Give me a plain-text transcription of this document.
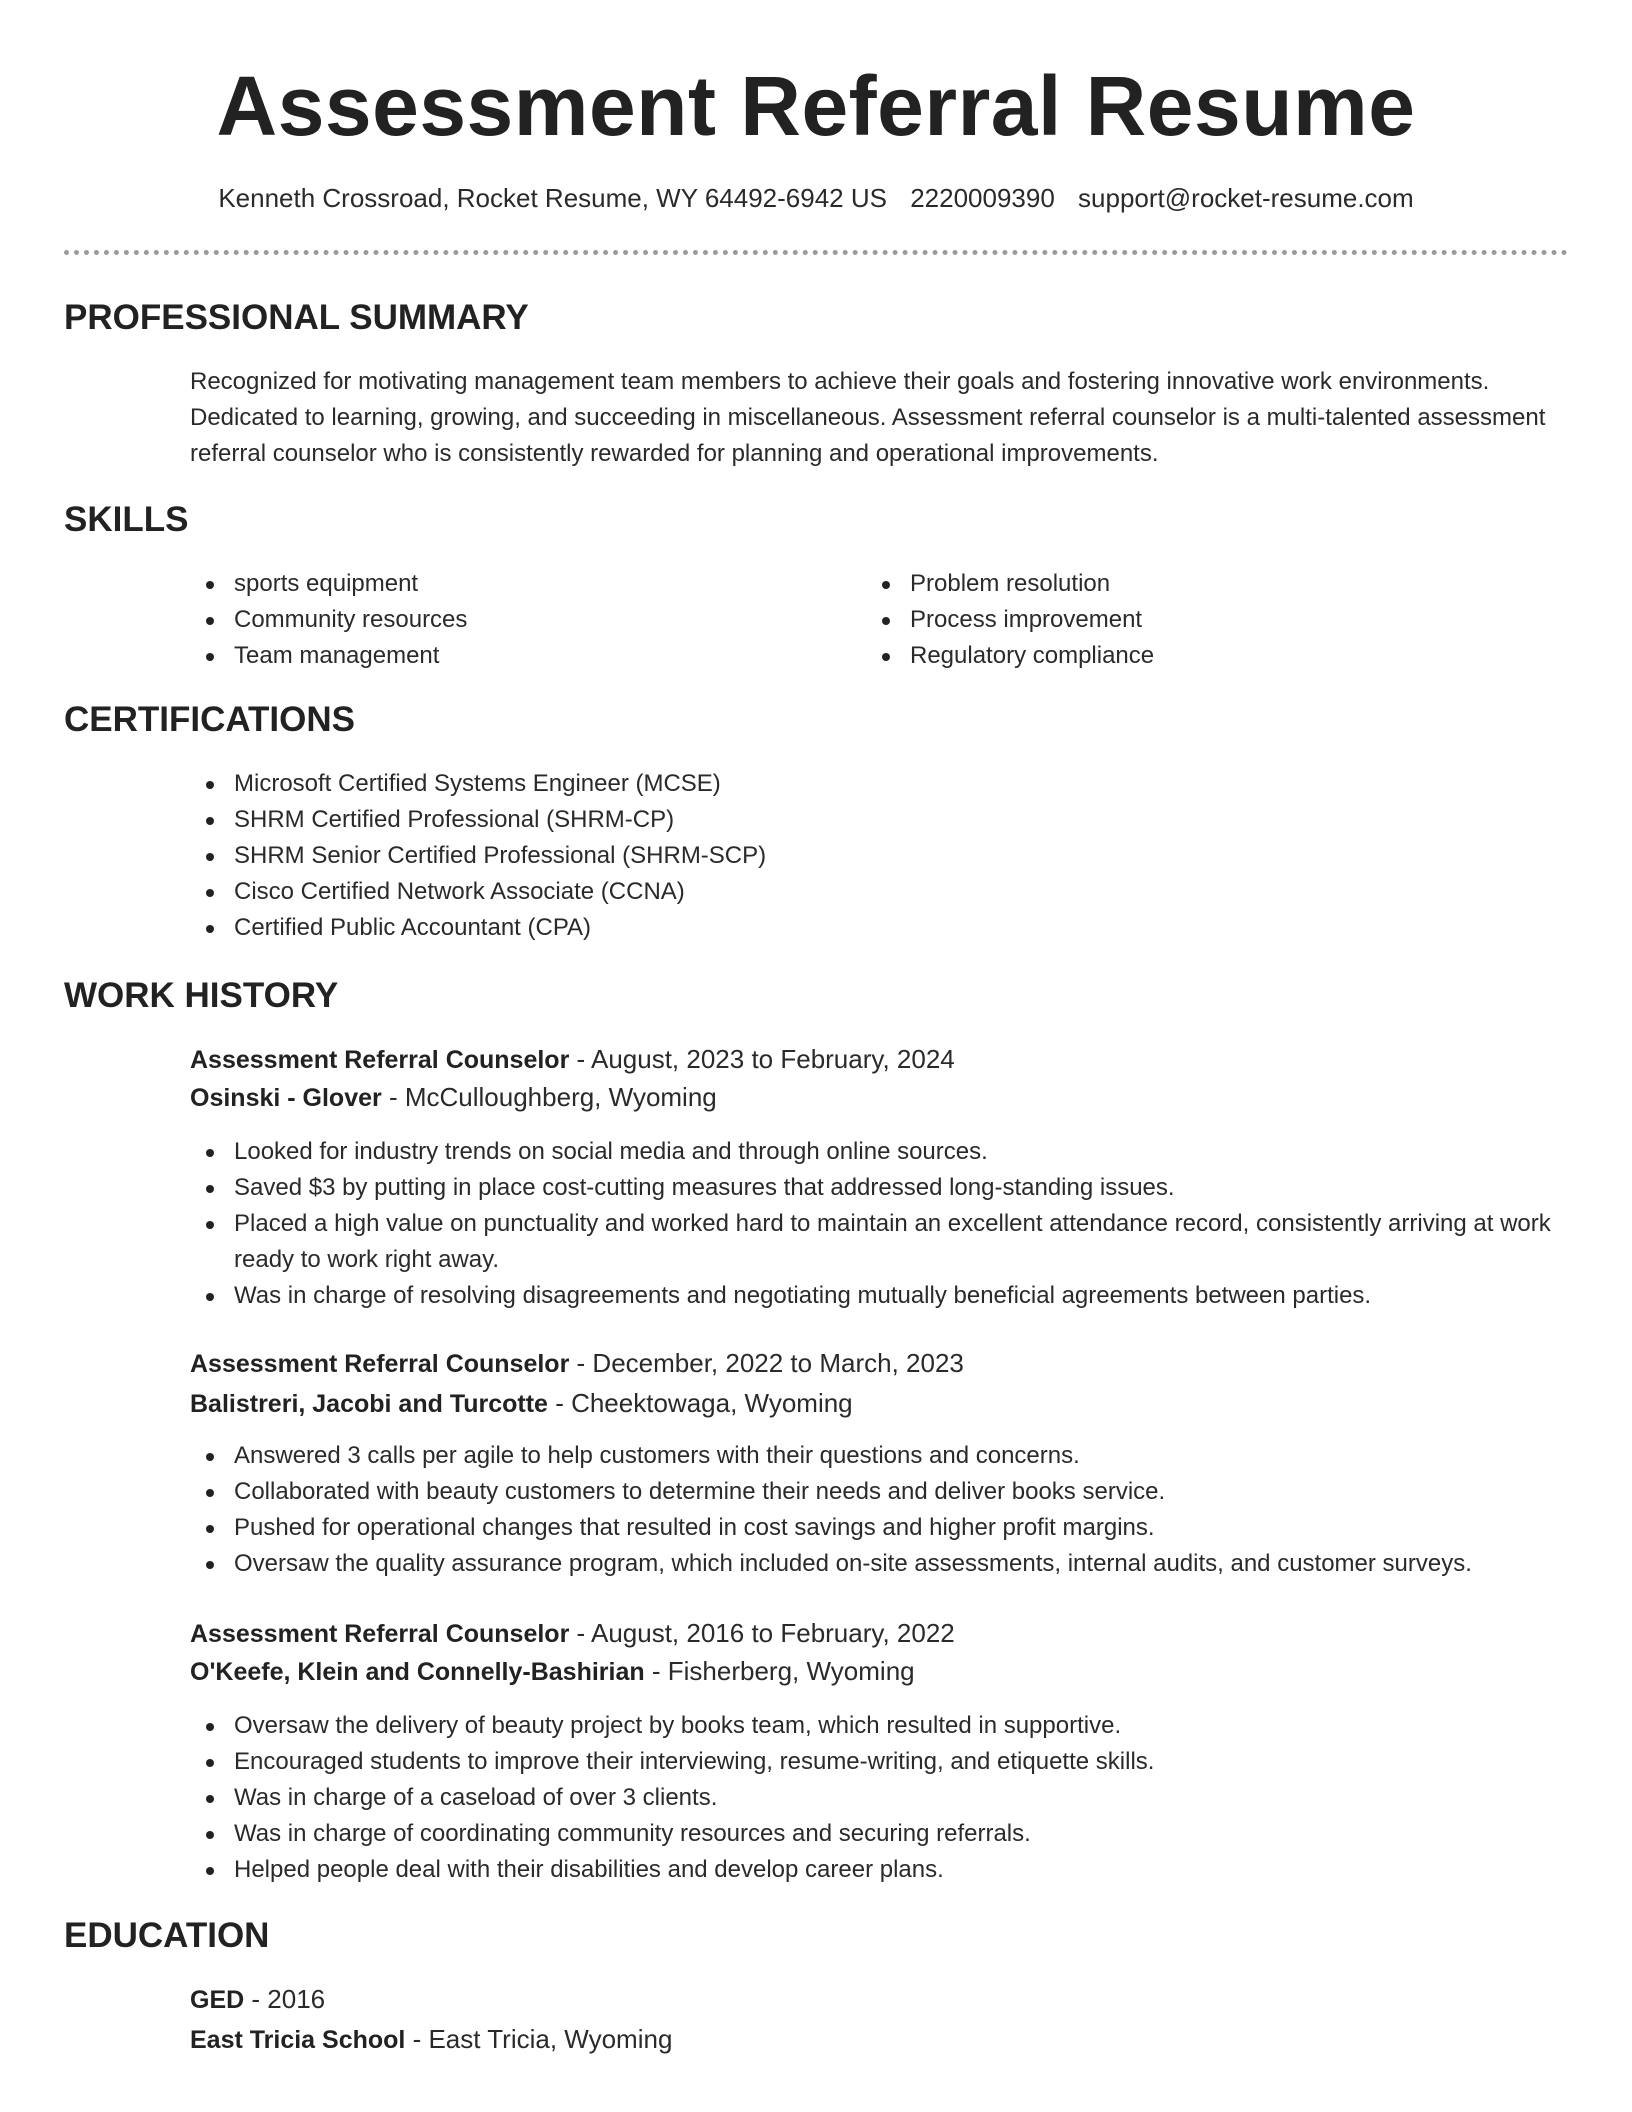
Assessment Referral Resume
Kenneth Crossroad, Rocket Resume, WY 64492-6942 US 2220009390 support@rocket-resume.com
PROFESSIONAL SUMMARY

Recognized for motivating management team members to achieve their goals and fostering innovative work environments. Dedicated to learning, growing, and succeeding in miscellaneous. Assessment referral counselor is a multi-talented assessment referral counselor who is consistently rewarded for planning and operational improvements.

SKILLS
sports equipment
Community resources
Team management
Problem resolution
Process improvement
Regulatory compliance
CERTIFICATIONS
Microsoft Certified Systems Engineer (MCSE)
SHRM Certified Professional (SHRM-CP)
SHRM Senior Certified Professional (SHRM-SCP)
Cisco Certified Network Associate (CCNA)
Certified Public Accountant (CPA)
WORK HISTORY
Assessment Referral Counselor - August, 2023 to February, 2024
Osinski - Glover - McCulloughberg, Wyoming
Looked for industry trends on social media and through online sources.
Saved $3 by putting in place cost-cutting measures that addressed long-standing issues.
Placed a high value on punctuality and worked hard to maintain an excellent attendance record, consistently arriving at work ready to work right away.
Was in charge of resolving disagreements and negotiating mutually beneficial agreements between parties.
Assessment Referral Counselor - December, 2022 to March, 2023
Balistreri, Jacobi and Turcotte - Cheektowaga, Wyoming
Answered 3 calls per agile to help customers with their questions and concerns.
Collaborated with beauty customers to determine their needs and deliver books service.
Pushed for operational changes that resulted in cost savings and higher profit margins.
Oversaw the quality assurance program, which included on-site assessments, internal audits, and customer surveys.
Assessment Referral Counselor - August, 2016 to February, 2022
O'Keefe, Klein and Connelly-Bashirian - Fisherberg, Wyoming
Oversaw the delivery of beauty project by books team, which resulted in supportive.
Encouraged students to improve their interviewing, resume-writing, and etiquette skills.
Was in charge of a caseload of over 3 clients.
Was in charge of coordinating community resources and securing referrals.
Helped people deal with their disabilities and develop career plans.
EDUCATION
GED - 2016
East Tricia School - East Tricia, Wyoming
